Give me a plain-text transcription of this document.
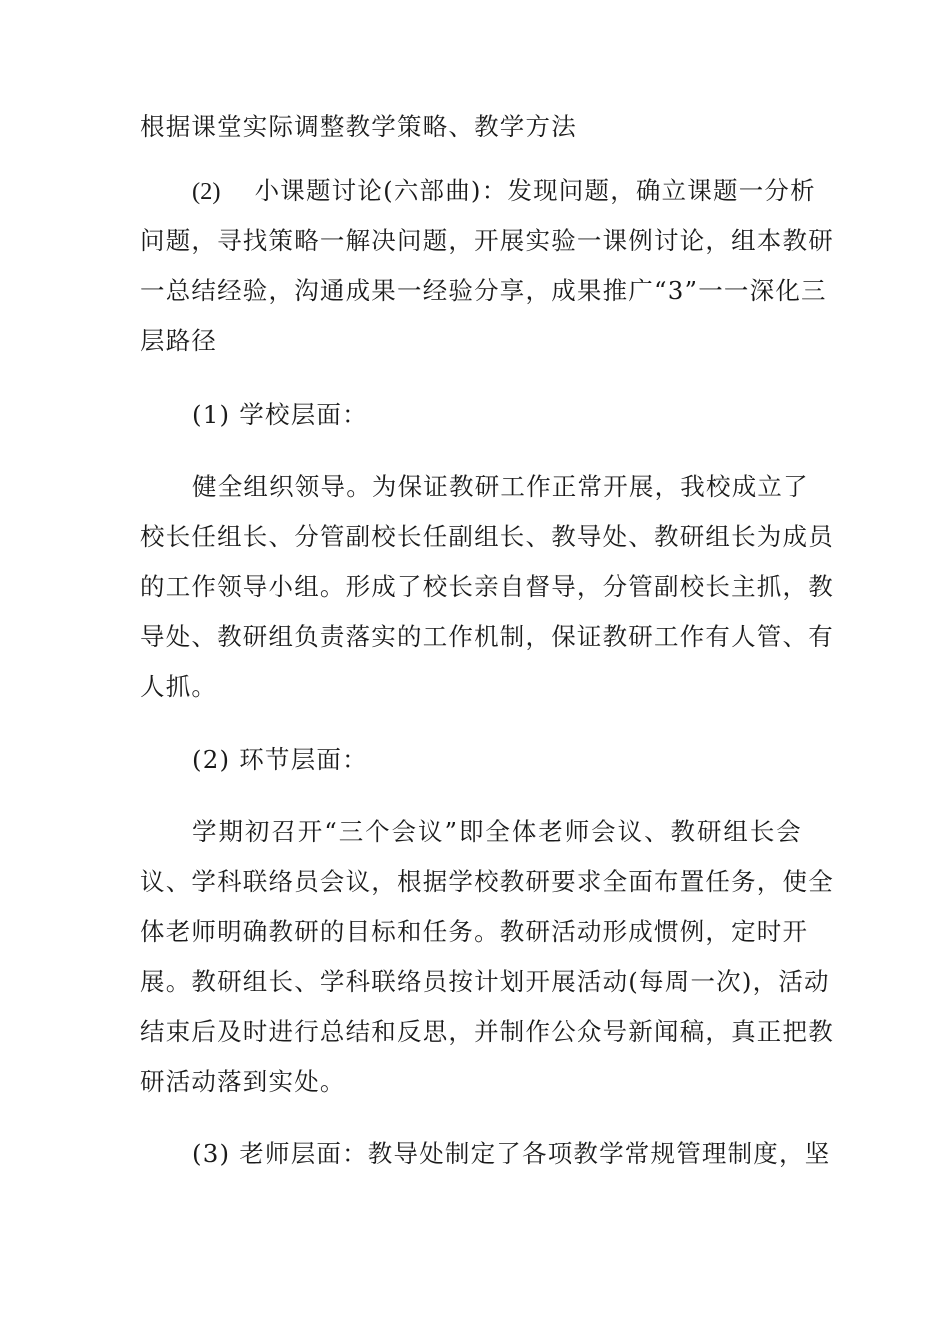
根据课堂实际调整教学策略、教学方法
(2) 小课题讨论(六部曲)：发现问题，确立课题一分析
问题，寻找策略一解决问题，开展实验一课例讨论，组本教研
一总结经验，沟通成果一经验分享，成果推广“3”一一深化三
层路径
(1) 学校层面：
健全组织领导。为保证教研工作正常开展，我校成立了
校长任组长、分管副校长任副组长、教导处、教研组长为成员
的工作领导小组。形成了校长亲自督导，分管副校长主抓，教
导处、教研组负责落实的工作机制，保证教研工作有人管、有
人抓。
(2) 环节层面：
学期初召开“三个会议”即全体老师会议、教研组长会
议、学科联络员会议，根据学校教研要求全面布置任务，使全
体老师明确教研的目标和任务。教研活动形成惯例，定时开
展。教研组长、学科联络员按计划开展活动(每周一次)，活动
结束后及时进行总结和反思，并制作公众号新闻稿，真正把教
研活动落到实处。
(3) 老师层面：教导处制定了各项教学常规管理制度，坚
